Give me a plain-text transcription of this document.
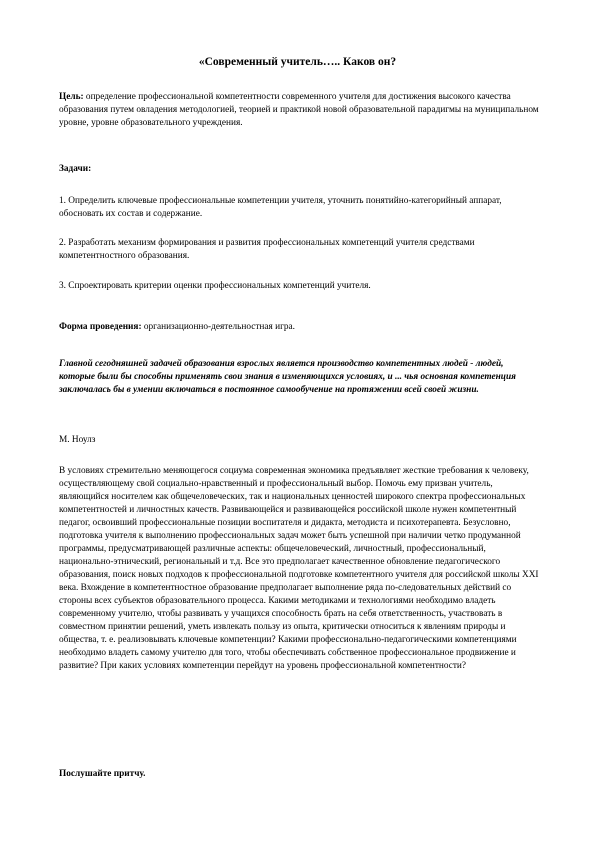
«Современный учитель….. Каков он?

Цель: определение профессиональной компетентности современного учителя для достижения высокого качества образования путем овладения методологией, теорией и практикой новой образовательной парадигмы на муниципальном уровне, уровне образовательного учреждения.

Задачи:

1. Определить ключевые профессиональные компетенции учителя, уточнить понятийно-категорийный аппарат, обосновать их состав и содержание.

2. Разработать механизм формирования и развития профессиональных компетенций учителя средствами компетентностного образования.

3. Спроектировать критерии оценки профессиональных компетенций учителя.

Форма проведения: организационно-деятельностная игра.

Главной сегодняшней задачей образования взрослых является производство компетентных людей - людей, которые были бы способны применять свои знания в изменяющихся условиях, и ... чья основная компетенция заключалась бы в умении включаться в постоянное самообучение на протяжении всей своей жизни.

М. Ноулз

В условиях стремительно меняющегося социума современная экономика предъявляет жесткие требования к человеку, осуществляющему свой социально-нравственный и профессиональный выбор. Помочь ему призван учитель, являющийся носителем как общечеловеческих, так и национальных ценностей широкого спектра профессиональных компетентностей и личностных качеств. Развивающейся и развивающейся российской школе нужен компетентный педагог, освоивший профессиональные позиции воспитателя и дидакта, методиста и психотерапевта. Безусловно, подготовка учителя к выполнению профессиональных задач может быть успешной при наличии четко продуманной программы, предусматривающей различные аспекты: общечеловеческий, личностный, профессиональный, национально-этнический, региональный и т.д. Все это предполагает качественное обновление педагогического образования, поиск новых подходов к профессиональной подготовке компетентного учителя для российской школы XXI века. Вхождение в компетентностное образование предполагает выполнение ряда по-следовательных действий со стороны всех субъектов образовательного процесса. Какими методиками и технологиями необходимо владеть современному учителю, чтобы развивать у учащихся способность брать на себя ответственность, участвовать в совместном принятии решений, уметь извлекать пользу из опыта, критически относиться к явлениям природы и общества, т. е. реализовывать ключевые компетенции? Какими профессионально-педагогическими компетенциями необходимо владеть самому учителю для того, чтобы обеспечивать собственное профессиональное продвижение и развитие? При каких условиях компетенции перейдут на уровень профессиональной компетентности?

Послушайте притчу.
